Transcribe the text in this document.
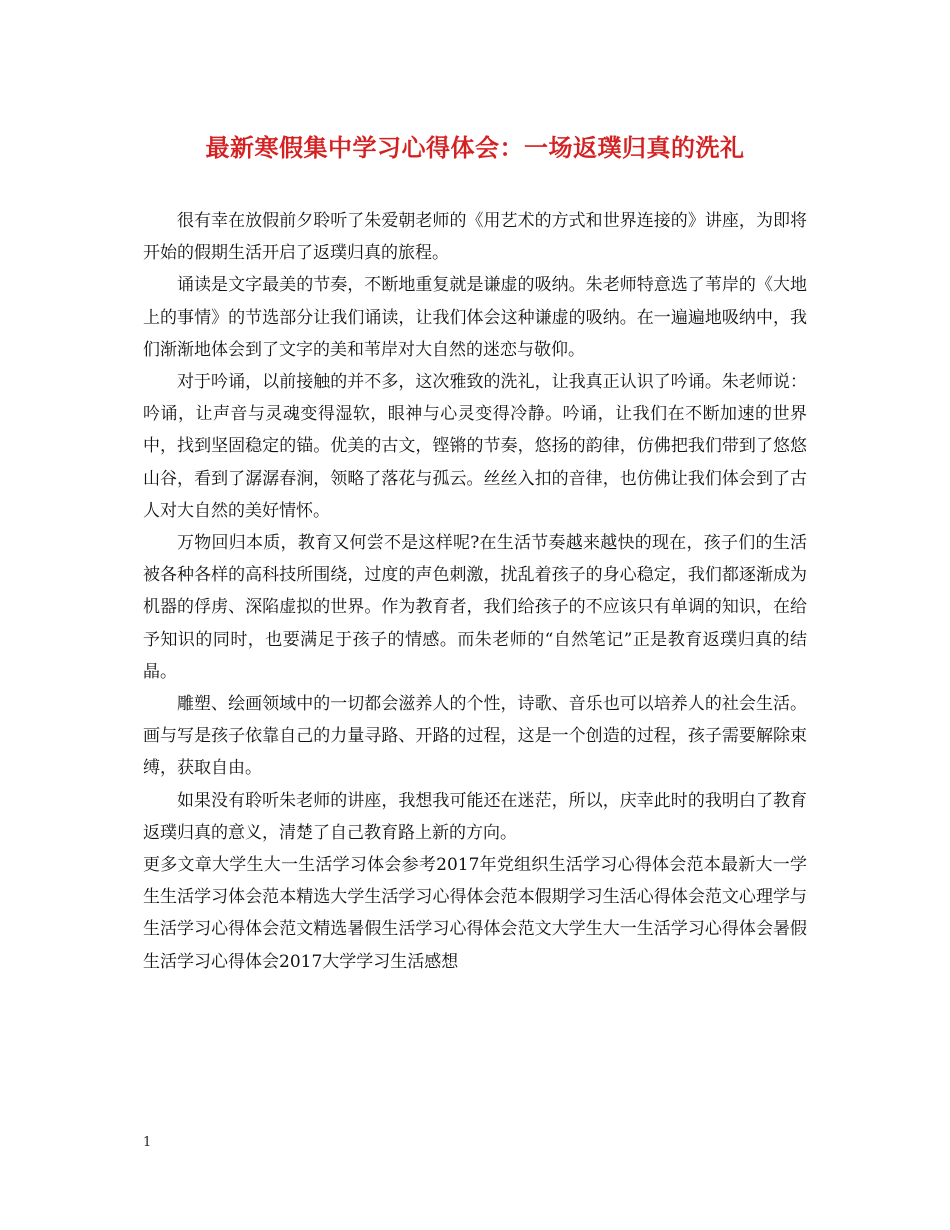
最新寒假集中学习心得体会：一场返璞归真的洗礼

很有幸在放假前夕聆听了朱爱朝老师的《用艺术的方式和世界连接的》讲座，为即将开始的假期生活开启了返璞归真的旅程。

诵读是文字最美的节奏，不断地重复就是谦虚的吸纳。朱老师特意选了苇岸的《大地上的事情》的节选部分让我们诵读，让我们体会这种谦虚的吸纳。在一遍遍地吸纳中，我们渐渐地体会到了文字的美和苇岸对大自然的迷恋与敬仰。

对于吟诵，以前接触的并不多，这次雅致的洗礼，让我真正认识了吟诵。朱老师说：吟诵，让声音与灵魂变得湿软，眼神与心灵变得冷静。吟诵，让我们在不断加速的世界中，找到坚固稳定的锚。优美的古文，铿锵的节奏，悠扬的韵律，仿佛把我们带到了悠悠山谷，看到了潺潺春涧，领略了落花与孤云。丝丝入扣的音律，也仿佛让我们体会到了古人对大自然的美好情怀。

万物回归本质，教育又何尝不是这样呢?在生活节奏越来越快的现在，孩子们的生活被各种各样的高科技所围绕，过度的声色刺激，扰乱着孩子的身心稳定，我们都逐渐成为机器的俘虏、深陷虚拟的世界。作为教育者，我们给孩子的不应该只有单调的知识，在给予知识的同时，也要满足于孩子的情感。而朱老师的“自然笔记”正是教育返璞归真的结晶。

雕塑、绘画领域中的一切都会滋养人的个性，诗歌、音乐也可以培养人的社会生活。画与写是孩子依靠自己的力量寻路、开路的过程，这是一个创造的过程，孩子需要解除束缚，获取自由。

如果没有聆听朱老师的讲座，我想我可能还在迷茫，所以，庆幸此时的我明白了教育返璞归真的意义，清楚了自己教育路上新的方向。

更多文章大学生大一生活学习体会参考2017年党组织生活学习心得体会范本最新大一学生生活学习体会范本精选大学生活学习心得体会范本假期学习生活心得体会范文心理学与生活学习心得体会范文精选暑假生活学习心得体会范文大学生大一生活学习心得体会暑假生活学习心得体会2017大学学习生活感想

1
